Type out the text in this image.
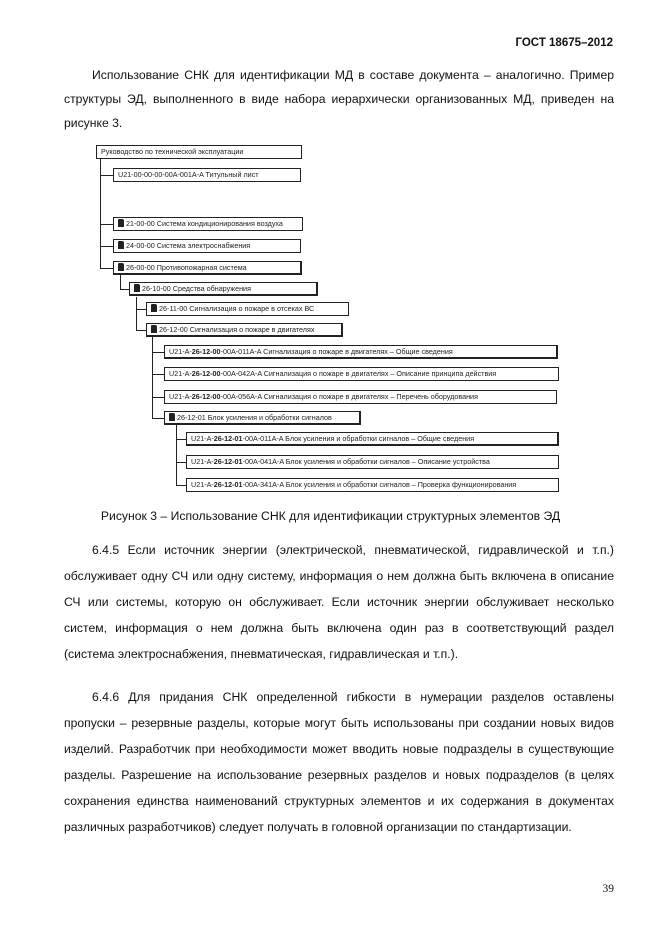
ГОСТ 18675–2012
Использование СНК для идентификации МД в составе документа – аналогично. Пример структуры ЭД, выполненного в виде набора иерархически организованных МД, приведен на рисунке 3.
Руководство по технической эксплуатации
U21-00-00-00-00A-001A-A Титульный лист
21-00-00 Система кондиционирования воздуха
24-00-00 Система электроснабжения
26-00-00 Противопожарная система
26-10-00 Средства обнаружения
26-11-00 Сигнализация о пожаре в отсеках ВС
26-12-00 Сигнализация о пожаре в двигателях
U21-A-26-12-00-00A-011A-A Сигнализация о пожаре в двигателях – Общие сведения
U21-A-26-12-00-00A-042A-A Сигнализация о пожаре в двигателях – Описание принципа действия
U21-A-26-12-00-00A-056A-A Сигнализация о пожаре в двигателях – Перечень оборудования
26-12-01 Блок усиления и обработки сигналов
U21-A-26-12-01-00A-011A-A Блок усиления и обработки сигналов – Общие сведения
U21-A-26-12-01-00A-041A-A Блок усиления и обработки сигналов – Описание устройства
U21-A-26-12-01-00A-341A-A Блок усиления и обработки сигналов – Проверка функционирования
Рисунок 3 – Использование СНК для идентификации структурных элементов ЭД
6.4.5 Если источник энергии (электрической, пневматической, гидравлической и т.п.) обслуживает одну СЧ или одну систему, информация о нем должна быть включена в описание СЧ или системы, которую он обслуживает. Если источник энергии обслуживает несколько систем, информация о нем должна быть включена один раз в соответствующий раздел (система электроснабжения, пневматическая, гидравлическая и т.п.).
6.4.6 Для придания СНК определенной гибкости в нумерации разделов оставлены пропуски – резервные разделы, которые могут быть использованы при создании новых видов изделий. Разработчик при необходимости может вводить новые подразделы в существующие разделы. Разрешение на использование резервных разделов и новых подразделов (в целях сохранения единства наименований структурных элементов и их содержания в документах различных разработчиков) следует получать в головной организации по стандартизации.
39
